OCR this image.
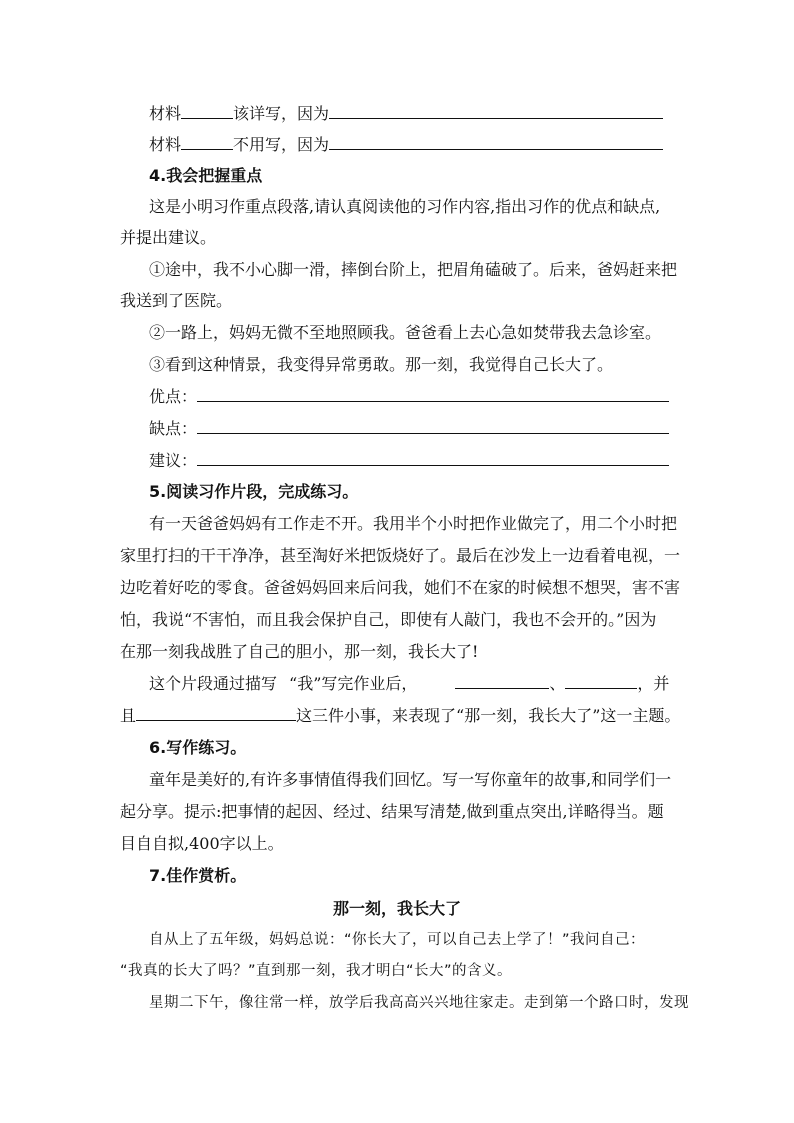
材料	该详写，因为
材料	不用写，因为
4.我会把握重点
这是小明习作重点段落,请认真阅读他的习作内容,指出习作的优点和缺点,
并提出建议。
①途中，我不小心脚一滑，摔倒台阶上，把眉角磕破了。后来，爸妈赶来把
我送到了医院。
②一路上，妈妈无微不至地照顾我。爸爸看上去心急如焚带我去急诊室。
③看到这种情景，我变得异常勇敢。那一刻，我觉得自己长大了。
优点：
缺点：
建议：
5.阅读习作片段，完成练习。
有一天爸爸妈妈有工作走不开。我用半个小时把作业做完了，用二个小时把
家里打扫的干干净净，甚至淘好米把饭烧好了。最后在沙发上一边看着电视，一
边吃着好吃的零食。爸爸妈妈回来后问我，她们不在家的时候想不想哭，害不害
怕，我说“不害怕，而且我会保护自己，即使有人敲门，我也不会开的。”因为
在那一刻我战胜了自己的胆小，那一刻，我长大了!
这个片段通过描写 “我”写完作业后，	、	，并
且	这三件小事，来表现了“那一刻，我长大了”这一主题。
6.写作练习。
童年是美好的,有许多事情值得我们回忆。写一写你童年的故事,和同学们一
起分享。提示:把事情的起因、经过、结果写清楚,做到重点突出,详略得当。题
目自自拟,400字以上。
7.佳作赏析。
那一刻，我长大了
自从上了五年级，妈妈总说：“你长大了，可以自己去上学了！”我问自己：
“我真的长大了吗？”直到那一刻，我才明白“长大”的含义。
星期二下午，像往常一样，放学后我高高兴兴地往家走。走到第一个路口时，发现
